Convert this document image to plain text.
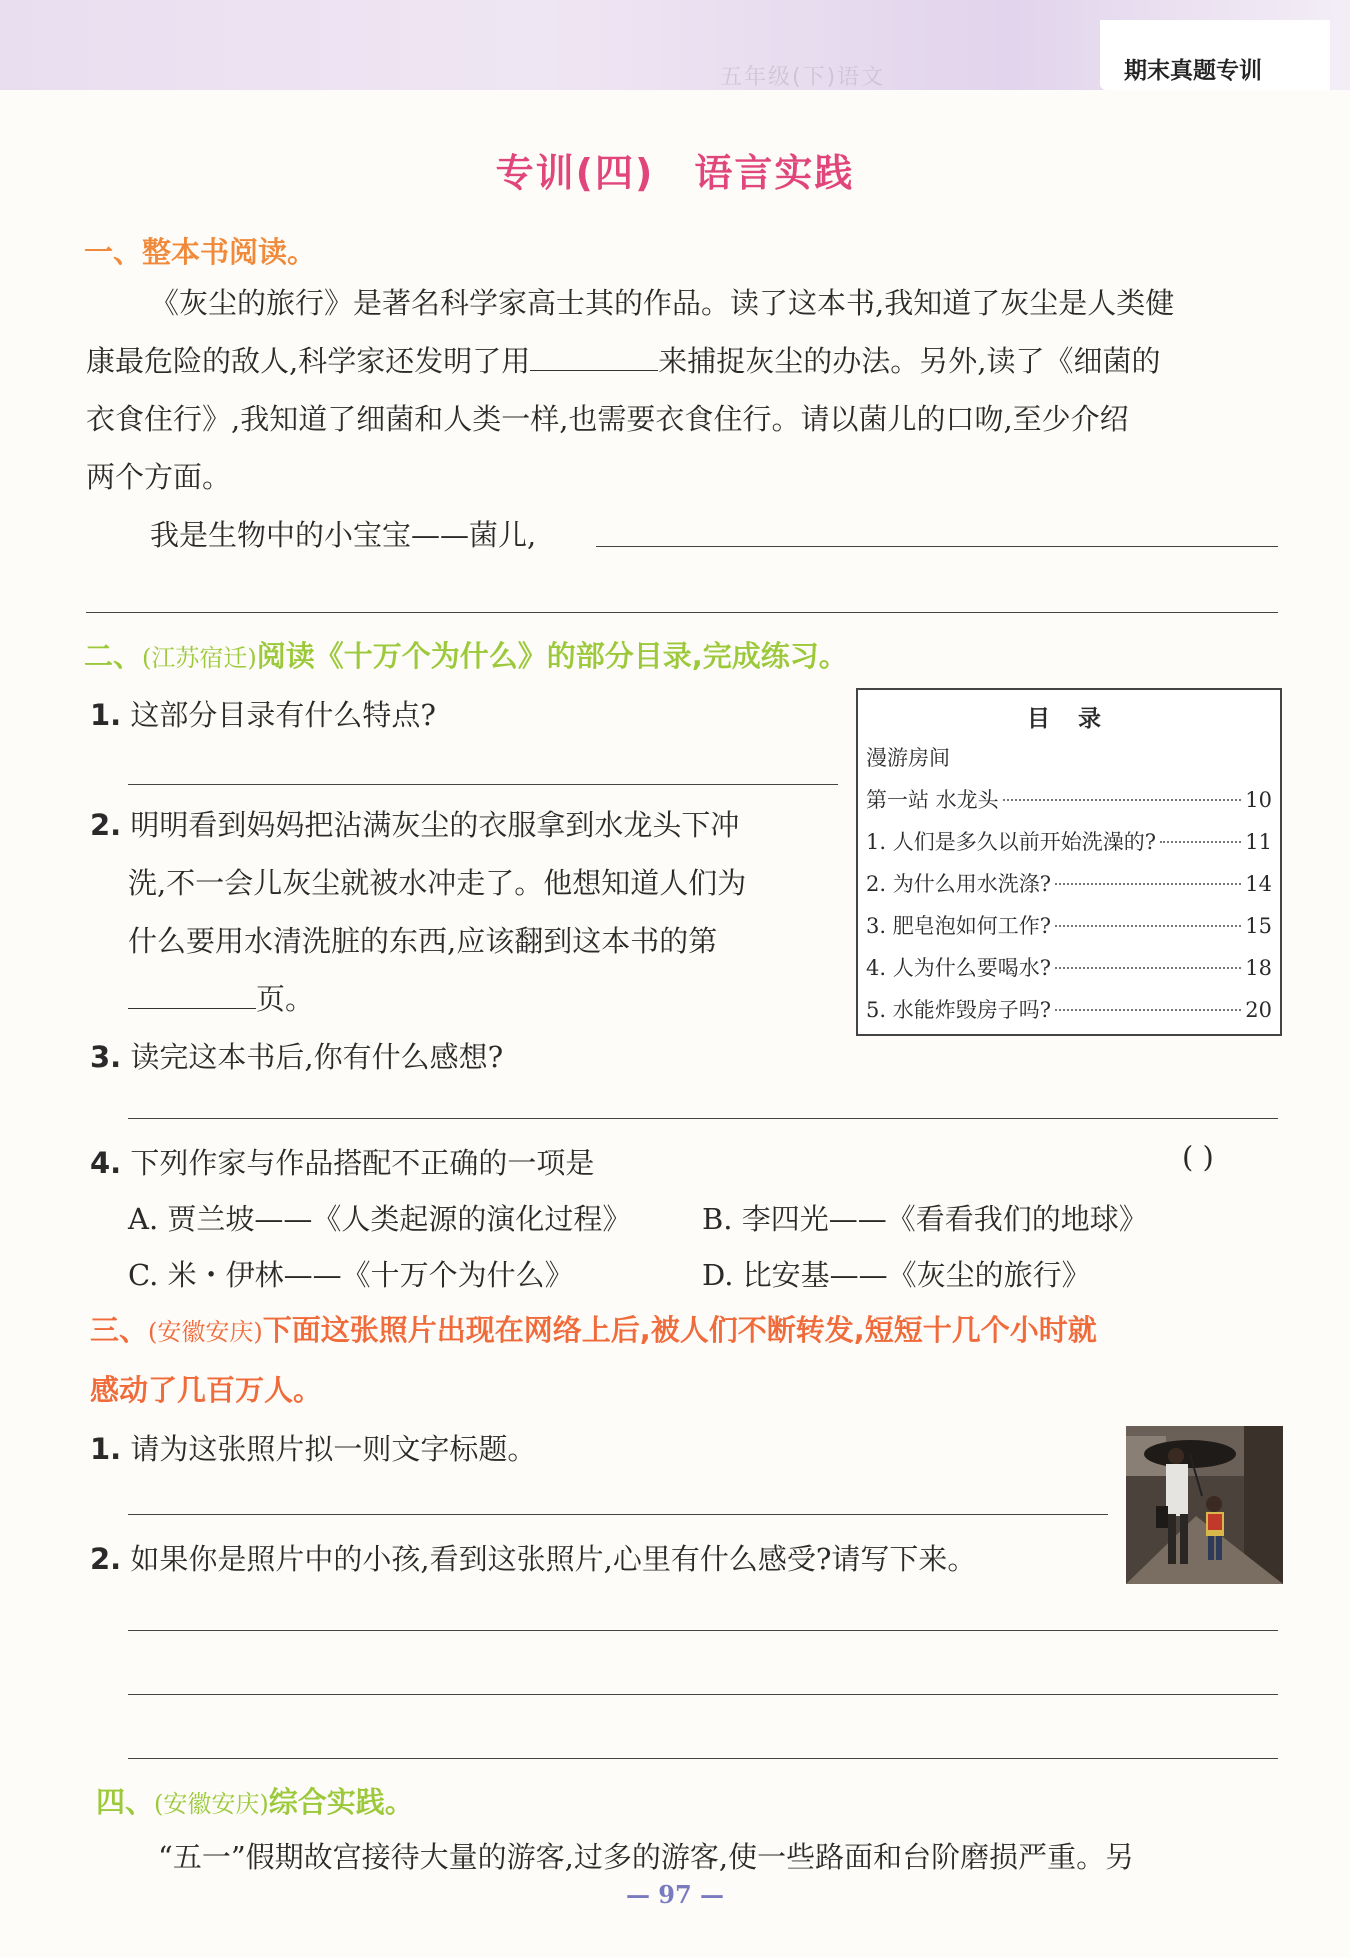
五年级(下)语文	期末真题专训
专训(四) 语言实践
一、整本书阅读。
《灰尘的旅行》是著名科学家高士其的作品。读了这本书,我知道了灰尘是人类健
康最危险的敌人,科学家还发明了用	来捕捉灰尘的办法。另外,读了《细菌的
衣食住行》,我知道了细菌和人类一样,也需要衣食住行。请以菌儿的口吻,至少介绍
两个方面。
我是生物中的小宝宝——菌儿,
二、(江苏宿迁)阅读《十万个为什么》的部分目录,完成练习。
1. 这部分目录有什么特点?
2. 明明看到妈妈把沾满灰尘的衣服拿到水龙头下冲
洗,不一会儿灰尘就被水冲走了。他想知道人们为
什么要用水清洗脏的东西,应该翻到这本书的第
页。
3. 读完这本书后,你有什么感想?
4. 下列作家与作品搭配不正确的一项是	( )
A. 贾兰坡——《人类起源的演化过程》 B. 李四光——《看看我们的地球》
C. 米・伊林——《十万个为什么》	D. 比安基——《灰尘的旅行》
目 录
漫游房间
第一站 水龙头	10
1. 人们是多久以前开始洗澡的?	11
2. 为什么用水洗涤?	14
3. 肥皂泡如何工作?	15
4. 人为什么要喝水?	18
5. 水能炸毁房子吗?	20
三、(安徽安庆)下面这张照片出现在网络上后,被人们不断转发,短短十几个小时就
感动了几百万人。
1. 请为这张照片拟一则文字标题。
2. 如果你是照片中的小孩,看到这张照片,心里有什么感受?请写下来。
四、(安徽安庆)综合实践。
“五一”假期故宫接待大量的游客,过多的游客,使一些路面和台阶磨损严重。另
— 97 —
